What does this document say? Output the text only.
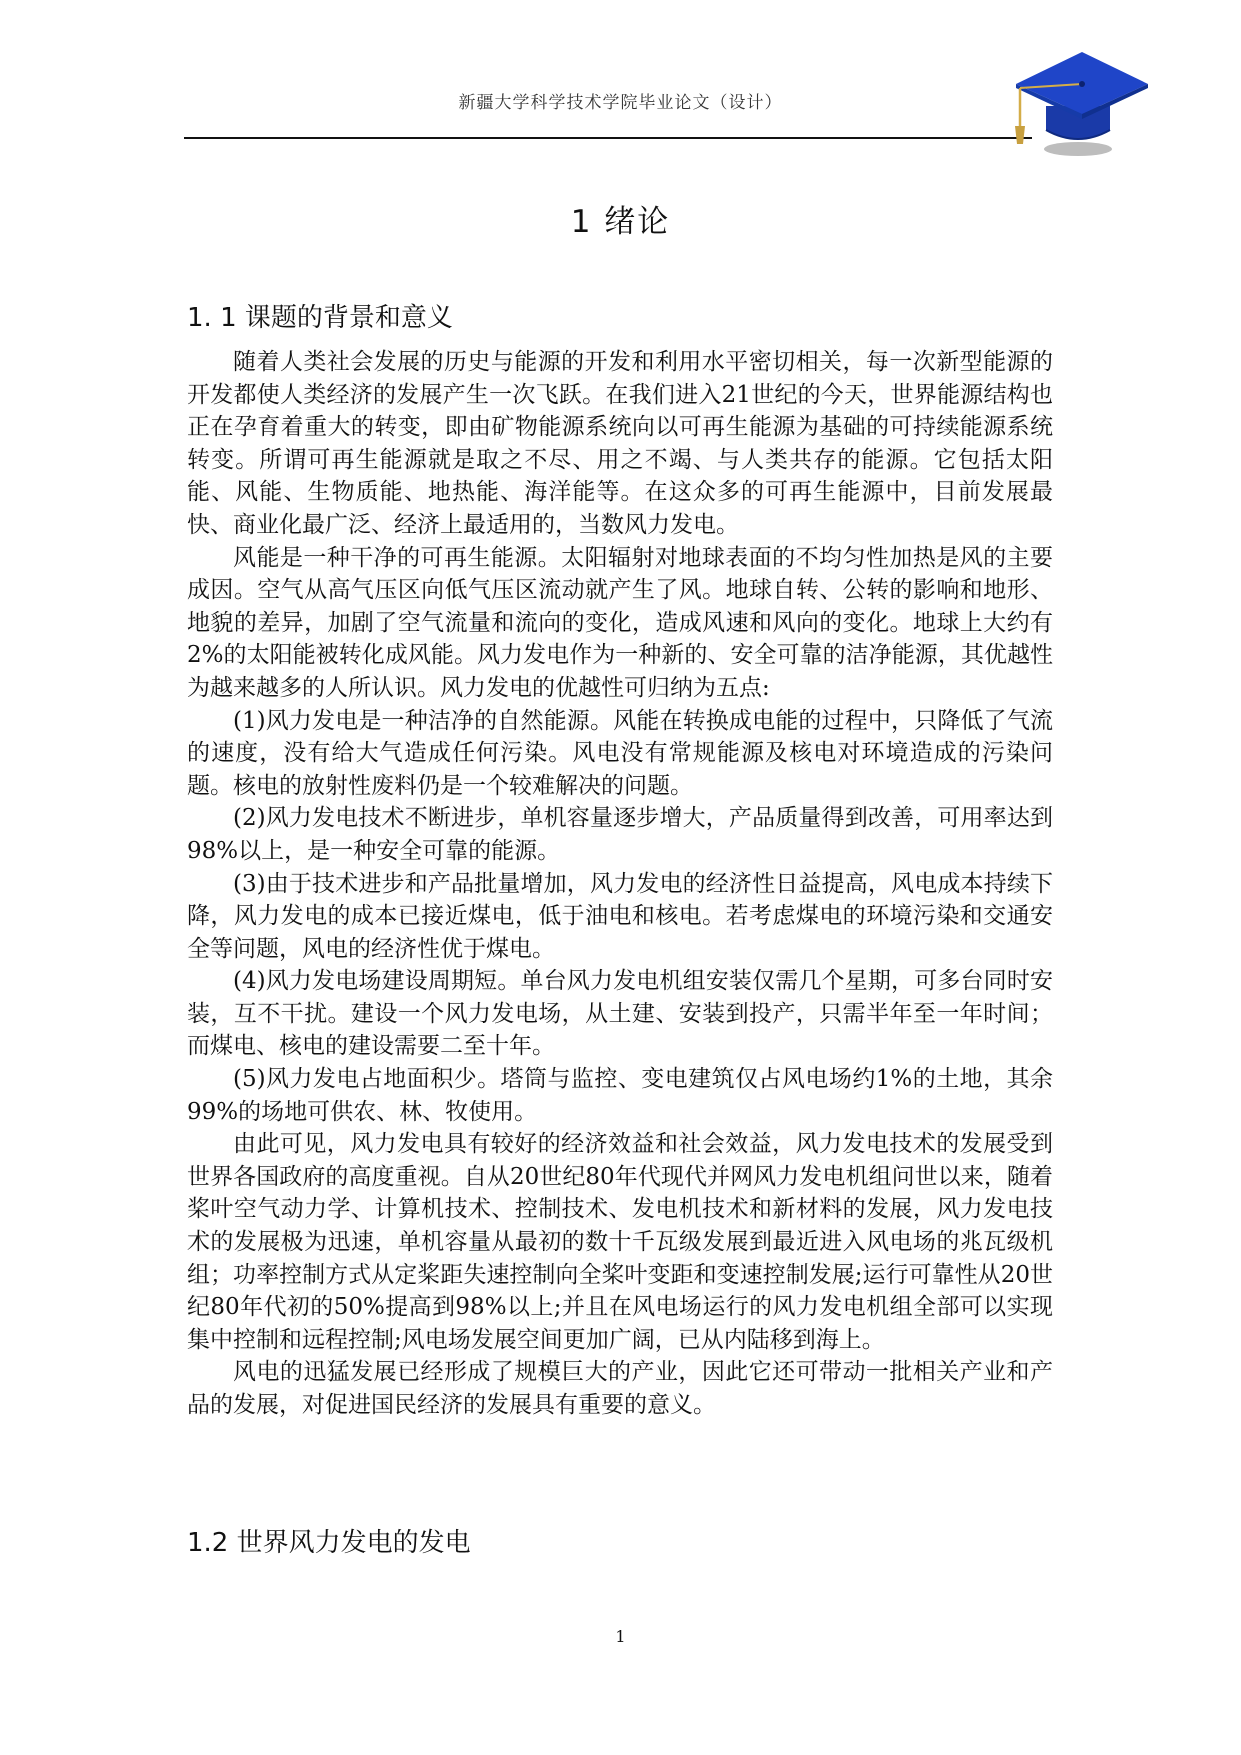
新疆大学科学技术学院毕业论文（设计）
1 绪论
1. 1 课题的背景和意义

随着人类社会发展的历史与能源的开发和利用水平密切相关，每一次新型能源的开发都使人类经济的发展产生一次飞跃。在我们进入21世纪的今天，世界能源结构也正在孕育着重大的转变，即由矿物能源系统向以可再生能源为基础的可持续能源系统转变。所谓可再生能源就是取之不尽、用之不竭、与人类共存的能源。它包括太阳能、风能、生物质能、地热能、海洋能等。在这众多的可再生能源中，目前发展最快、商业化最广泛、经济上最适用的，当数风力发电。

风能是一种干净的可再生能源。太阳辐射对地球表面的不均匀性加热是风的主要成因。空气从高气压区向低气压区流动就产生了风。地球自转、公转的影响和地形、地貌的差异，加剧了空气流量和流向的变化，造成风速和风向的变化。地球上大约有2%的太阳能被转化成风能。风力发电作为一种新的、安全可靠的洁净能源，其优越性为越来越多的人所认识。风力发电的优越性可归纳为五点:

(1)风力发电是一种洁净的自然能源。风能在转换成电能的过程中，只降低了气流的速度，没有给大气造成任何污染。风电没有常规能源及核电对环境造成的污染问题。核电的放射性废料仍是一个较难解决的问题。

(2)风力发电技术不断进步，单机容量逐步增大，产品质量得到改善，可用率达到98%以上，是一种安全可靠的能源。

(3)由于技术进步和产品批量增加，风力发电的经济性日益提高，风电成本持续下降，风力发电的成本已接近煤电，低于油电和核电。若考虑煤电的环境污染和交通安全等问题，风电的经济性优于煤电。

(4)风力发电场建设周期短。单台风力发电机组安装仅需几个星期，可多台同时安装，互不干扰。建设一个风力发电场，从土建、安装到投产，只需半年至一年时间；而煤电、核电的建设需要二至十年。

(5)风力发电占地面积少。塔筒与监控、变电建筑仅占风电场约1%的土地，其余99%的场地可供农、林、牧使用。

由此可见，风力发电具有较好的经济效益和社会效益，风力发电技术的发展受到世界各国政府的高度重视。自从20世纪80年代现代并网风力发电机组问世以来，随着桨叶空气动力学、计算机技术、控制技术、发电机技术和新材料的发展，风力发电技术的发展极为迅速，单机容量从最初的数十千瓦级发展到最近进入风电场的兆瓦级机组；功率控制方式从定桨距失速控制向全桨叶变距和变速控制发展;运行可靠性从20世纪80年代初的50%提高到98%以上;并且在风电场运行的风力发电机组全部可以实现集中控制和远程控制;风电场发展空间更加广阔，已从内陆移到海上。

风电的迅猛发展已经形成了规模巨大的产业，因此它还可带动一批相关产业和产品的发展，对促进国民经济的发展具有重要的意义。

1.2 世界风力发电的发电
1
